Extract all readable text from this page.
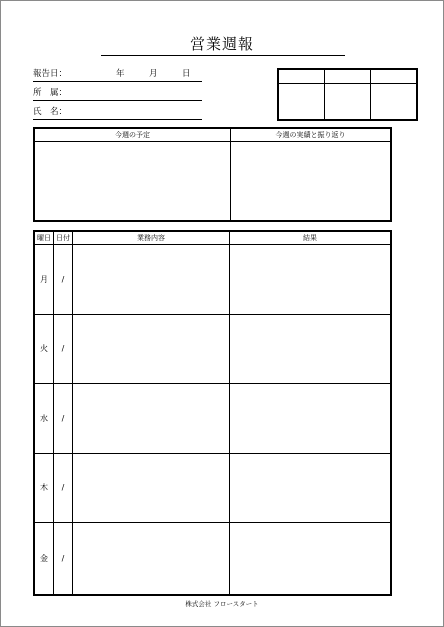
営業週報
報告日：	年	月	日
所　属：
氏　名：

今週の予定	今週の実績と振り返り

曜日	日付	業務内容	結果
月	/		
火	/		
水	/		
木	/		
金	/		
株式会社 フロースタート
